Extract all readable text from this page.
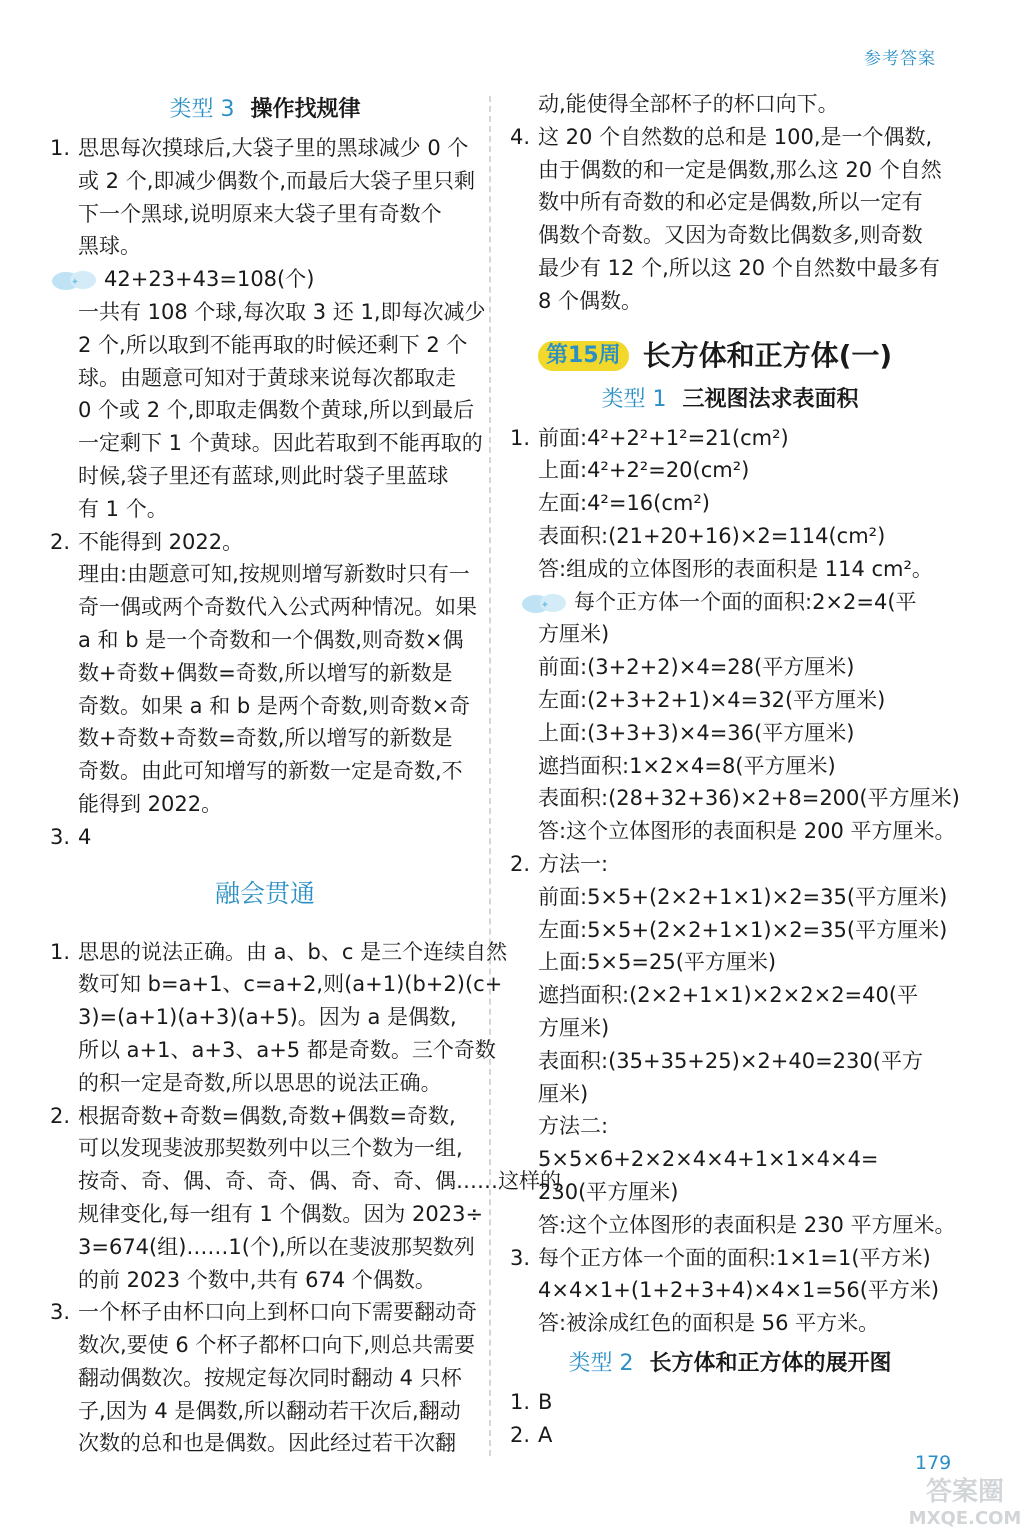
参考答案
类型 3 操作找规律

1. 思思每次摸球后,大袋子里的黑球减少 0 个

或 2 个,即减少偶数个,而最后大袋子里只剩

下一个黑球,说明原来大袋子里有奇数个

黑球。

✦ 42+23+43=108(个)

一共有 108 个球,每次取 3 还 1,即每次减少

2 个,所以取到不能再取的时候还剩下 2 个

球。由题意可知对于黄球来说每次都取走

0 个或 2 个,即取走偶数个黄球,所以到最后

一定剩下 1 个黄球。因此若取到不能再取的

时候,袋子里还有蓝球,则此时袋子里蓝球

有 1 个。

2. 不能得到 2022。

理由:由题意可知,按规则增写新数时只有一

奇一偶或两个奇数代入公式两种情况。如果

a 和 b 是一个奇数和一个偶数,则奇数×偶

数+奇数+偶数=奇数,所以增写的新数是

奇数。如果 a 和 b 是两个奇数,则奇数×奇

数+奇数+奇数=奇数,所以增写的新数是

奇数。由此可知增写的新数一定是奇数,不

能得到 2022。

3. 4

融会贯通

1. 思思的说法正确。由 a、b、c 是三个连续自然

数可知 b=a+1、c=a+2,则(a+1)(b+2)(c+

3)=(a+1)(a+3)(a+5)。因为 a 是偶数,

所以 a+1、a+3、a+5 都是奇数。三个奇数

的积一定是奇数,所以思思的说法正确。

2. 根据奇数+奇数=偶数,奇数+偶数=奇数,

可以发现斐波那契数列中以三个数为一组,

按奇、奇、偶、奇、奇、偶、奇、奇、偶……这样的

规律变化,每一组有 1 个偶数。因为 2023÷

3=674(组)……1(个),所以在斐波那契数列

的前 2023 个数中,共有 674 个偶数。

3. 一个杯子由杯口向上到杯口向下需要翻动奇

数次,要使 6 个杯子都杯口向下,则总共需要

翻动偶数次。按规定每次同时翻动 4 只杯

子,因为 4 是偶数,所以翻动若干次后,翻动

次数的总和也是偶数。因此经过若干次翻

动,能使得全部杯子的杯口向下。

4. 这 20 个自然数的总和是 100,是一个偶数,

由于偶数的和一定是偶数,那么这 20 个自然

数中所有奇数的和必定是偶数,所以一定有

偶数个奇数。又因为奇数比偶数多,则奇数

最少有 12 个,所以这 20 个自然数中最多有

8 个偶数。

第15周 长方体和正方体(一)
类型 1 三视图法求表面积

1. 前面:4²+2²+1²=21(cm²)

上面:4²+2²=20(cm²)

左面:4²=16(cm²)

表面积:(21+20+16)×2=114(cm²)

答:组成的立体图形的表面积是 114 cm²。

✦ 每个正方体一个面的面积:2×2=4(平

方厘米)

前面:(3+2+2)×4=28(平方厘米)

左面:(2+3+2+1)×4=32(平方厘米)

上面:(3+3+3)×4=36(平方厘米)

遮挡面积:1×2×4=8(平方厘米)

表面积:(28+32+36)×2+8=200(平方厘米)

答:这个立体图形的表面积是 200 平方厘米。

2. 方法一:

前面:5×5+(2×2+1×1)×2=35(平方厘米)

左面:5×5+(2×2+1×1)×2=35(平方厘米)

上面:5×5=25(平方厘米)

遮挡面积:(2×2+1×1)×2×2×2=40(平

方厘米)

表面积:(35+35+25)×2+40=230(平方

厘米)

方法二:

5×5×6+2×2×4×4+1×1×4×4=

230(平方厘米)

答:这个立体图形的表面积是 230 平方厘米。

3. 每个正方体一个面的面积:1×1=1(平方米)

4×4×1+(1+2+3+4)×4×1=56(平方米)

答:被涂成红色的面积是 56 平方米。

类型 2 长方体和正方体的展开图

1. B

2. A

179
答案圈
MXQE.COM
